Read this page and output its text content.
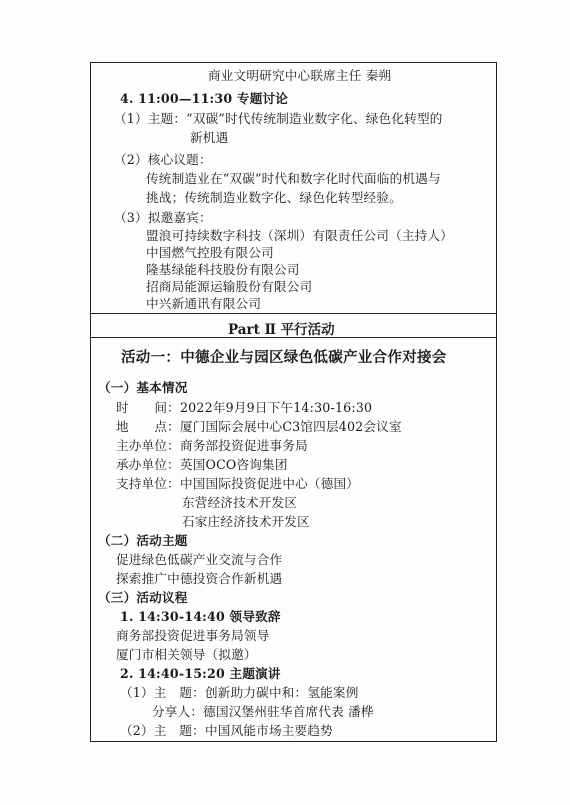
商业文明研究中心联席主任 秦朔
4. 11:00—11:30 专题讨论
（1）主题：“双碳”时代传统制造业数字化、绿色化转型的
新机遇
（2）核心议题：
传统制造业在“双碳”时代和数字化时代面临的机遇与
挑战；传统制造业数字化、绿色化转型经验。
（3）拟邀嘉宾：
盟浪可持续数字科技（深圳）有限责任公司（主持人）
中国燃气控股有限公司
隆基绿能科技股份有限公司
招商局能源运输股份有限公司
Part Ⅱ 平行活动
活动一：中德企业与园区绿色低碳产业合作对接会
（一）基本情况
时　　间：2022年9月9日下午14:30-16:30
地　　点：厦门国际会展中心C3馆四层402会议室
主办单位：商务部投资促进事务局
承办单位：英国OCO咨询集团
支持单位：中国国际投资促进中心（德国）
东营经济技术开发区
石家庄经济技术开发区
（二）活动主题
促进绿色低碳产业交流与合作
探索推广中德投资合作新机遇
（三）活动议程
1. 14:30-14:40 领导致辞
商务部投资促进事务局领导
厦门市相关领导（拟邀）
2. 14:40-15:20 主题演讲
（1）主　题：创新助力碳中和：氢能案例
分享人：德国汉堡州驻华首席代表 潘桦
（2）主　题：中国风能市场主要趋势
中兴新通讯有限公司
